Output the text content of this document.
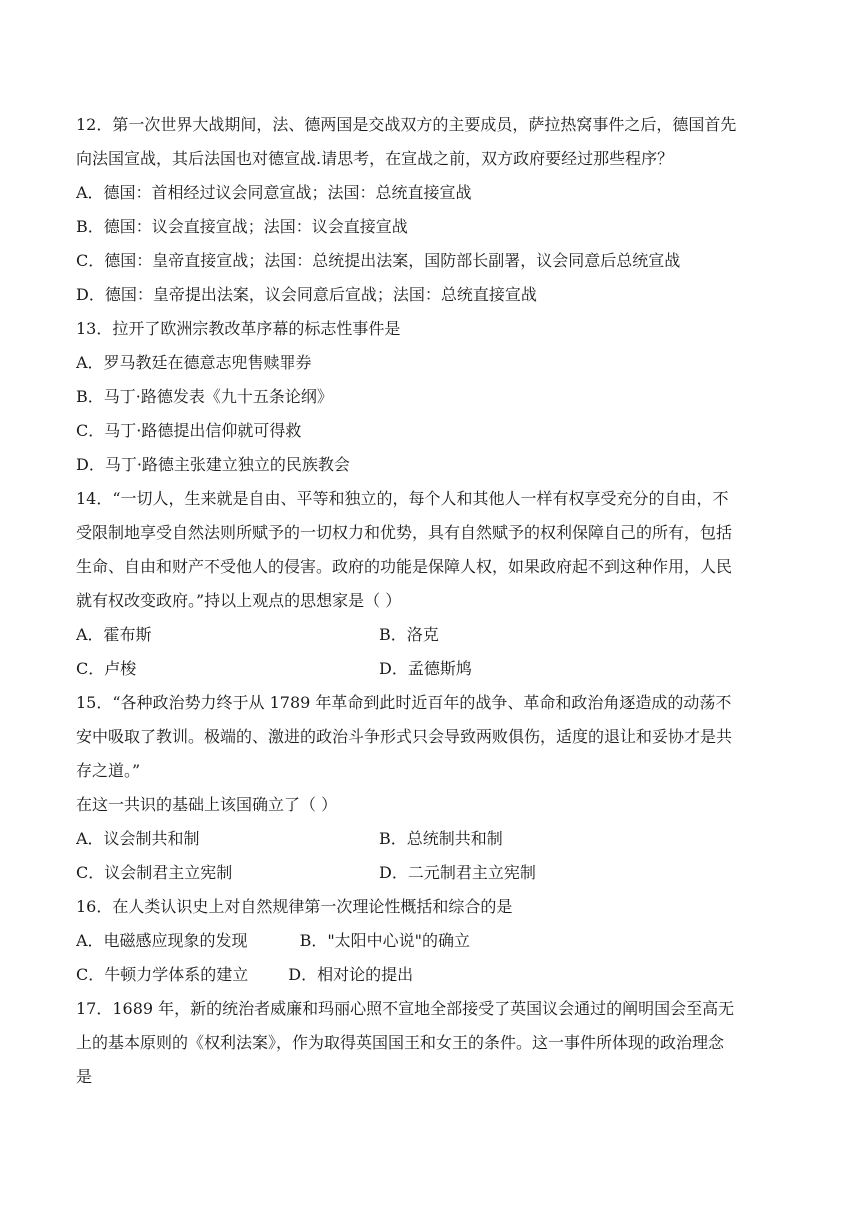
12．第一次世界大战期间，法、德两国是交战双方的主要成员，萨拉热窝事件之后，德国首先
向法国宣战，其后法国也对德宣战.请思考，在宣战之前，双方政府要经过那些程序？
A．德国：首相经过议会同意宣战；法国：总统直接宣战
B．德国：议会直接宣战；法国：议会直接宣战
C．德国：皇帝直接宣战；法国：总统提出法案，国防部长副署，议会同意后总统宣战
D．德国：皇帝提出法案，议会同意后宣战；法国：总统直接宣战
13．拉开了欧洲宗教改革序幕的标志性事件是
A．罗马教廷在德意志兜售赎罪券
B．马丁·路德发表《九十五条论纲》
C．马丁·路德提出信仰就可得救
D．马丁·路德主张建立独立的民族教会
14．“一切人，生来就是自由、平等和独立的，每个人和其他人一样有权享受充分的自由，不
受限制地享受自然法则所赋予的一切权力和优势，具有自然赋予的权利保障自己的所有，包括
生命、自由和财产不受他人的侵害。政府的功能是保障人权，如果政府起不到这种作用，人民
就有权改变政府。”持以上观点的思想家是（ ）
A．霍布斯	B．洛克
C．卢梭	D．孟德斯鸠
15．“各种政治势力终于从 1789 年革命到此时近百年的战争、革命和政治角逐造成的动荡不
安中吸取了教训。极端的、激进的政治斗争形式只会导致两败俱伤，适度的退让和妥协才是共
存之道。”
在这一共识的基础上该国确立了（ ）
A．议会制共和制	B．总统制共和制
C．议会制君主立宪制	D．二元制君主立宪制
16．在人类认识史上对自然规律第一次理论性概括和综合的是
A．电磁感应现象的发现	B．"太阳中心说"的确立
C．牛顿力学体系的建立	D．相对论的提出
17．1689 年，新的统治者威廉和玛丽心照不宣地全部接受了英国议会通过的阐明国会至高无
上的基本原则的《权利法案》，作为取得英国国王和女王的条件。这一事件所体现的政治理念
是
